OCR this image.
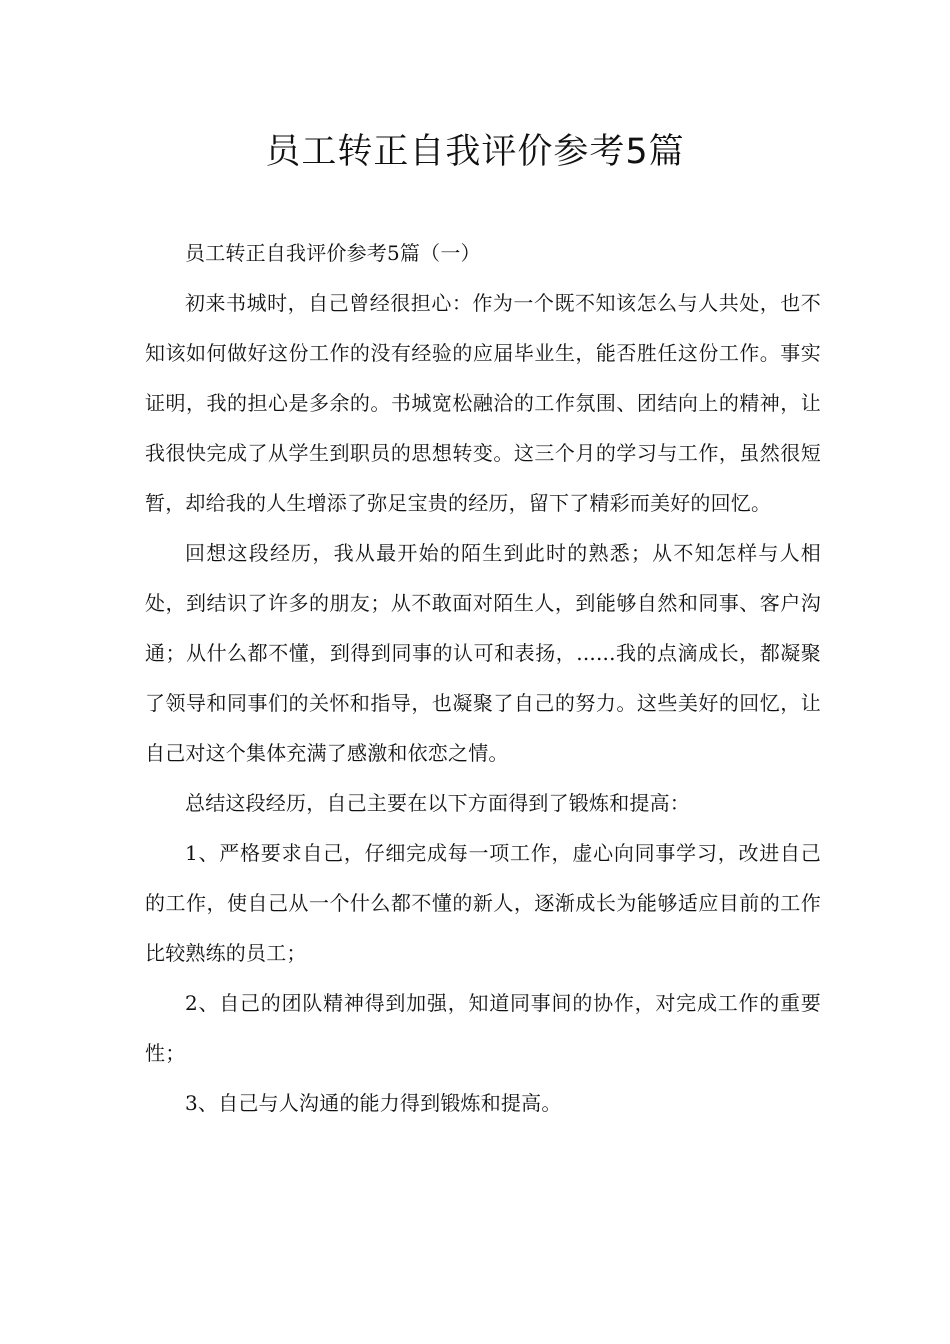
员工转正自我评价参考5篇

员工转正自我评价参考5篇（一）

初来书城时，自己曾经很担心：作为一个既不知该怎么与人共处，也不知该如何做好这份工作的没有经验的应届毕业生，能否胜任这份工作。事实证明，我的担心是多余的。书城宽松融洽的工作氛围、团结向上的精神，让我很快完成了从学生到职员的思想转变。这三个月的学习与工作，虽然很短暂，却给我的人生增添了弥足宝贵的经历，留下了精彩而美好的回忆。

回想这段经历，我从最开始的陌生到此时的熟悉；从不知怎样与人相处，到结识了许多的朋友；从不敢面对陌生人，到能够自然和同事、客户沟通；从什么都不懂，到得到同事的认可和表扬，......我的点滴成长，都凝聚了领导和同事们的关怀和指导，也凝聚了自己的努力。这些美好的回忆，让自己对这个集体充满了感激和依恋之情。

总结这段经历，自己主要在以下方面得到了锻炼和提高：

1、严格要求自己，仔细完成每一项工作，虚心向同事学习，改进自己的工作，使自己从一个什么都不懂的新人，逐渐成长为能够适应目前的工作比较熟练的员工；

2、自己的团队精神得到加强，知道同事间的协作，对完成工作的重要性；

3、自己与人沟通的能力得到锻炼和提高。
